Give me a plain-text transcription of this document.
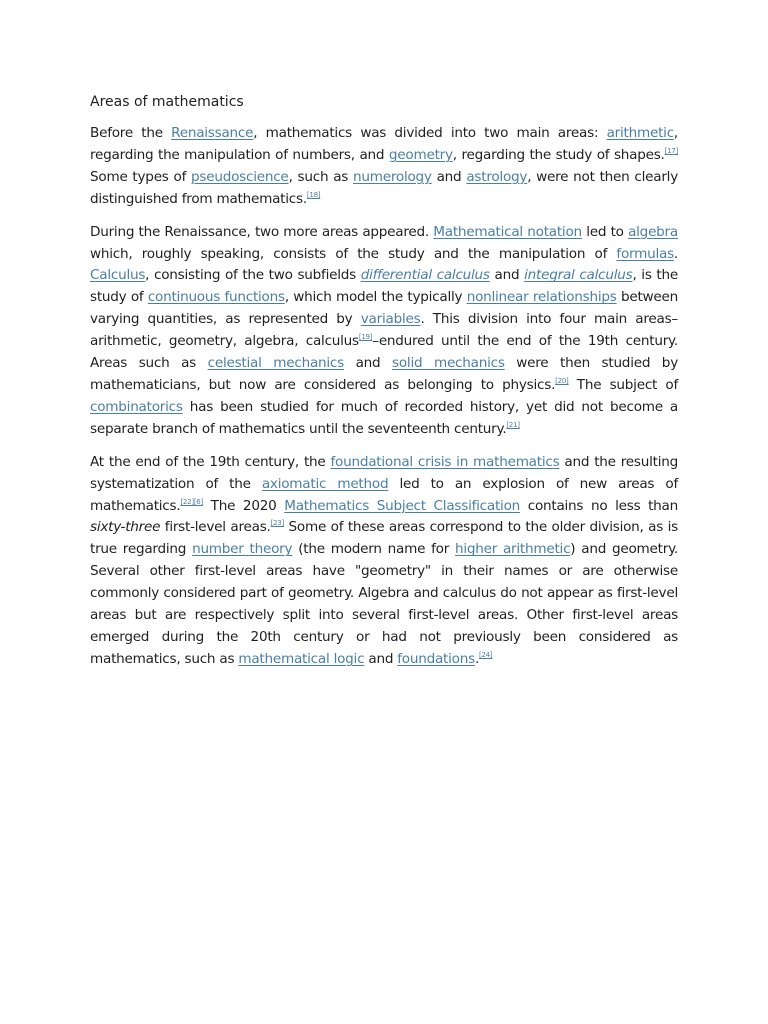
Areas of mathematics

Before the Renaissance, mathematics was divided into two main areas: arithmetic, regarding the manipulation of numbers, and geometry, regarding the study of shapes.[17] Some types of pseudoscience, such as numerology and astrology, were not then clearly distinguished from mathematics.[18]

During the Renaissance, two more areas appeared. Mathematical notation led to algebra which, roughly speaking, consists of the study and the manipulation of formulas. Calculus, consisting of the two subfields differential calculus and integral calculus, is the study of continuous functions, which model the typically nonlinear relationships between varying quantities, as represented by variables. This division into four main areas–arithmetic, geometry, algebra, calculus[19]–endured until the end of the 19th century. Areas such as celestial mechanics and solid mechanics were then studied by mathematicians, but now are considered as belonging to physics.[20] The subject of combinatorics has been studied for much of recorded history, yet did not become a separate branch of mathematics until the seventeenth century.[21]

At the end of the 19th century, the foundational crisis in mathematics and the resulting systematization of the axiomatic method led to an explosion of new areas of mathematics.[22][6] The 2020 Mathematics Subject Classification contains no less than sixty-three first-level areas.[23] Some of these areas correspond to the older division, as is true regarding number theory (the modern name for higher arithmetic) and geometry. Several other first-level areas have "geometry" in their names or are otherwise commonly considered part of geometry. Algebra and calculus do not appear as first-level areas but are respectively split into several first-level areas. Other first-level areas emerged during the 20th century or had not previously been considered as mathematics, such as mathematical logic and foundations.[24]
